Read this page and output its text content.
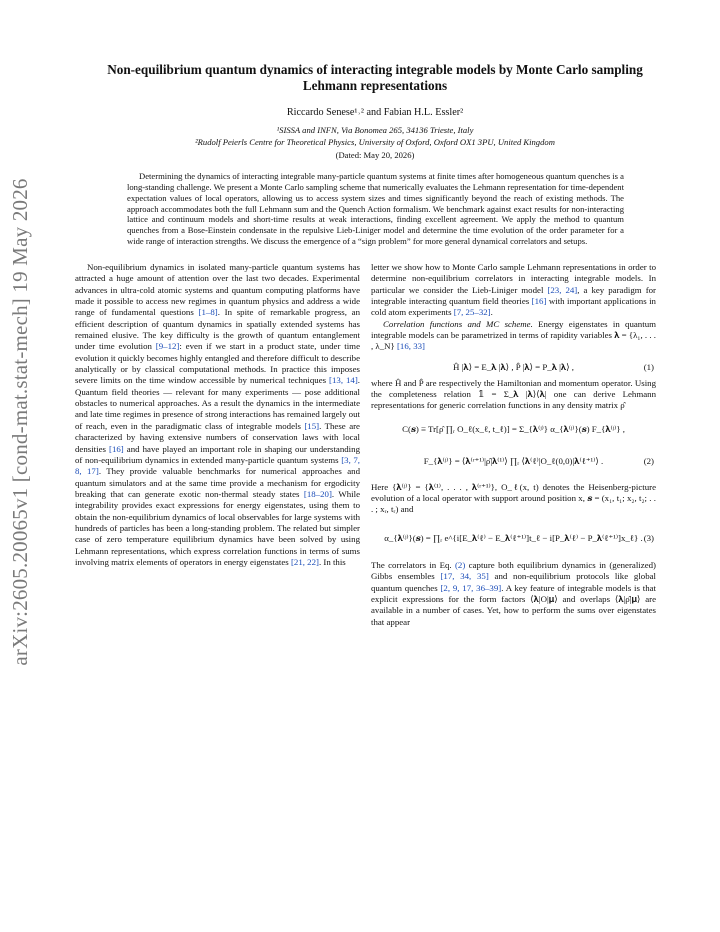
arXiv:2605.20065v1 [cond-mat.stat-mech] 19 May 2026
Non-equilibrium quantum dynamics of interacting integrable models by Monte Carlo sampling Lehmann representations
Riccardo Senese¹˒² and Fabian H.L. Essler²
¹SISSA and INFN, Via Bonomea 265, 34136 Trieste, Italy
²Rudolf Peierls Centre for Theoretical Physics, University of Oxford, Oxford OX1 3PU, United Kingdom
(Dated: May 20, 2026)
Determining the dynamics of interacting integrable many-particle quantum systems at finite times after homogeneous quantum quenches is a long-standing challenge. We present a Monte Carlo sampling scheme that numerically evaluates the Lehmann representation for time-dependent expectation values of local operators, allowing us to access system sizes and times significantly beyond the reach of existing methods. The approach accommodates both the full Lehmann sum and the Quench Action formalism. We benchmark against exact results for non-interacting lattice and continuum models and short-time results at weak interactions, finding excellent agreement. We apply the method to quantum quenches from a Bose-Einstein condensate in the repulsive Lieb-Liniger model and determine the time evolution of the order parameter for a wide range of interaction strengths. We discuss the emergence of a “sign problem” for more general dynamical correlators and setups.

Non-equilibrium dynamics in isolated many-particle quantum systems has attracted a huge amount of attention over the last two decades. Experimental advances in ultra-cold atomic systems and quantum computing platforms have made it possible to access new regimes in quantum physics and address a wide range of fundamental questions [1–8]. In spite of remarkable progress, an efficient description of quantum dynamics in spatially extended systems has remained elusive. The key difficulty is the growth of quantum entanglement under time evolution [9–12]: even if we start in a product state, under time evolution it quickly becomes highly entangled and therefore difficult to describe analytically or by classical computational methods. In practice this imposes severe limits on the time window accessible by numerical techniques [13, 14]. Quantum field theories — relevant for many experiments — pose additional obstacles to numerical approaches. As a result the dynamics in the intermediate and late time regimes in presence of strong interactions has remained largely out of reach, even in the paradigmatic class of integrable models [15]. These are characterized by having extensive numbers of conservation laws with local densities [16] and have played an important role in shaping our understanding of non-equilibrium dynamics in extended many-particle quantum systems [3, 7, 8, 17]. They provide valuable benchmarks for numerical approaches and quantum simulators and at the same time provide a mechanism for ergodicity breaking that can generate exotic non-thermal steady states [18–20]. While integrability provides exact expressions for energy eigenstates, using them to obtain the non-equilibrium dynamics of local observables for large systems with hundreds of particles has been a long-standing problem. The related but simpler case of zero temperature equilibrium dynamics have been solved by using Lehmann representations, which express correlation functions in terms of sums involving matrix elements of operators in energy eigenstates [21, 22]. In this

letter we show how to Monte Carlo sample Lehmann representations in order to determine non-equilibrium correlators in interacting integrable models. In particular we consider the Lieb-Liniger model [23, 24], a key paradigm for integrable interacting quantum field theories [16] with important applications in cold atom experiments [7, 25–32].

Correlation functions and MC scheme. Energy eigenstates in quantum integrable models can be parametrized in terms of rapidity variables 𝛌 = {λ₁, . . . , λ_N} [16, 33]

Ĥ |𝛌⟩ = E_𝛌 |𝛌⟩ , P̂ |𝛌⟩ = P_𝛌 |𝛌⟩ ,	(1)

where Ĥ and P̂ are respectively the Hamiltonian and momentum operator. Using the completeness relation 𝟙 = Σ_𝛌 |𝛌⟩⟨𝛌| one can derive Lehmann representations for generic correlation functions in any density matrix ρ̂

C(𝒔) ≡ Tr[ρ̂ ∏ᵣ O_ℓ(x_ℓ, t_ℓ)] = Σ_{𝛌⁽ʲ⁾} α_{𝛌⁽ʲ⁾}(𝒔) F_{𝛌⁽ʲ⁾} ,
F_{𝛌⁽ʲ⁾} = ⟨𝛌⁽ʳ⁺¹⁾|ρ̂|𝛌⁽¹⁾⟩ ∏ᵣ ⟨𝛌⁽ℓ⁾|O_ℓ(0,0)|𝛌⁽ℓ⁺¹⁾⟩ .	(2)

Here {𝛌⁽ʲ⁾} = {𝛌⁽¹⁾, . . . , 𝛌⁽ʳ⁺¹⁾}, O_ℓ(x, t) denotes the Heisenberg-picture evolution of a local operator with support around position x, 𝒔 = (x₁, t₁; x₂, t₂; . . . ; xᵣ, tᵣ) and

α_{𝛌⁽ʲ⁾}(𝒔) = ∏ᵣ e^{i[E_𝛌⁽ℓ⁾ − E_𝛌⁽ℓ⁺¹⁾]t_ℓ − i[P_𝛌⁽ℓ⁾ − P_𝛌⁽ℓ⁺¹⁾]x_ℓ} . (3)

The correlators in Eq. (2) capture both equilibrium dynamics in (generalized) Gibbs ensembles [17, 34, 35] and non-equilibrium protocols like global quantum quenches [2, 9, 17, 36–39]. A key feature of integrable models is that explicit expressions for the form factors ⟨𝛌|O|𝛍⟩ and overlaps ⟨𝛌|ρ̂|𝛍⟩ are available in a number of cases. Yet, how to perform the sums over eigenstates that appear
